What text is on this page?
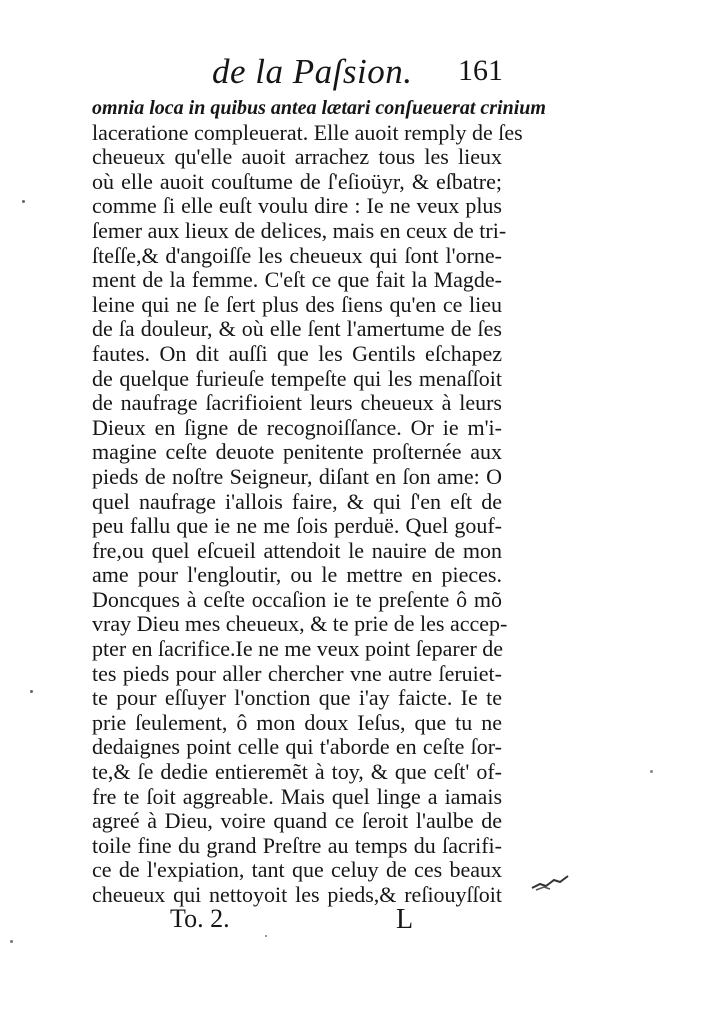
de la Paſsion. 161
omnia loca in quibus antea lætari conſueuerat crinium
laceratione compleuerat. Elle auoit remply de ſes
cheueux qu'elle auoit arrachez tous les lieux
où elle auoit couſtume de ſ'eſioüyr, & eſbatre;
comme ſi elle euſt voulu dire : Ie ne veux plus
ſemer aux lieux de delices, mais en ceux de tri-
ſteſſe,& d'angoiſſe les cheueux qui ſont l'orne-
ment de la femme. C'eſt ce que fait la Magde-
leine qui ne ſe ſert plus des ſiens qu'en ce lieu
de ſa douleur, & où elle ſent l'amertume de ſes
fautes. On dit auſſi que les Gentils eſchapez
de quelque furieuſe tempeſte qui les menaſſoit
de naufrage ſacrifioient leurs cheueux à leurs
Dieux en ſigne de recognoiſſance. Or ie m'i-
magine ceſte deuote penitente proſternée aux
pieds de noſtre Seigneur, diſant en ſon ame: O
quel naufrage i'allois faire, & qui ſ'en eſt de
peu fallu que ie ne me ſois perduë. Quel gouf-
fre,ou quel eſcueil attendoit le nauire de mon
ame pour l'engloutir, ou le mettre en pieces.
Doncques à ceſte occaſion ie te preſente ô mõ
vray Dieu mes cheueux, & te prie de les accep-
pter en ſacrifice.Ie ne me veux point ſeparer de
tes pieds pour aller chercher vne autre ſeruiet-
te pour eſſuyer l'onction que i'ay faicte. Ie te
prie ſeulement, ô mon doux Ieſus, que tu ne
dedaignes point celle qui t'aborde en ceſte ſor-
te,& ſe dedie entieremẽt à toy, & que ceſt' of-
fre te ſoit aggreable. Mais quel linge a iamais
agreé à Dieu, voire quand ce ſeroit l'aulbe de
toile fine du grand Preſtre au temps du ſacrifi-
ce de l'expiation, tant que celuy de ces beaux
cheueux qui nettoyoit les pieds,& reſiouyſſoit
To. 2.	L
